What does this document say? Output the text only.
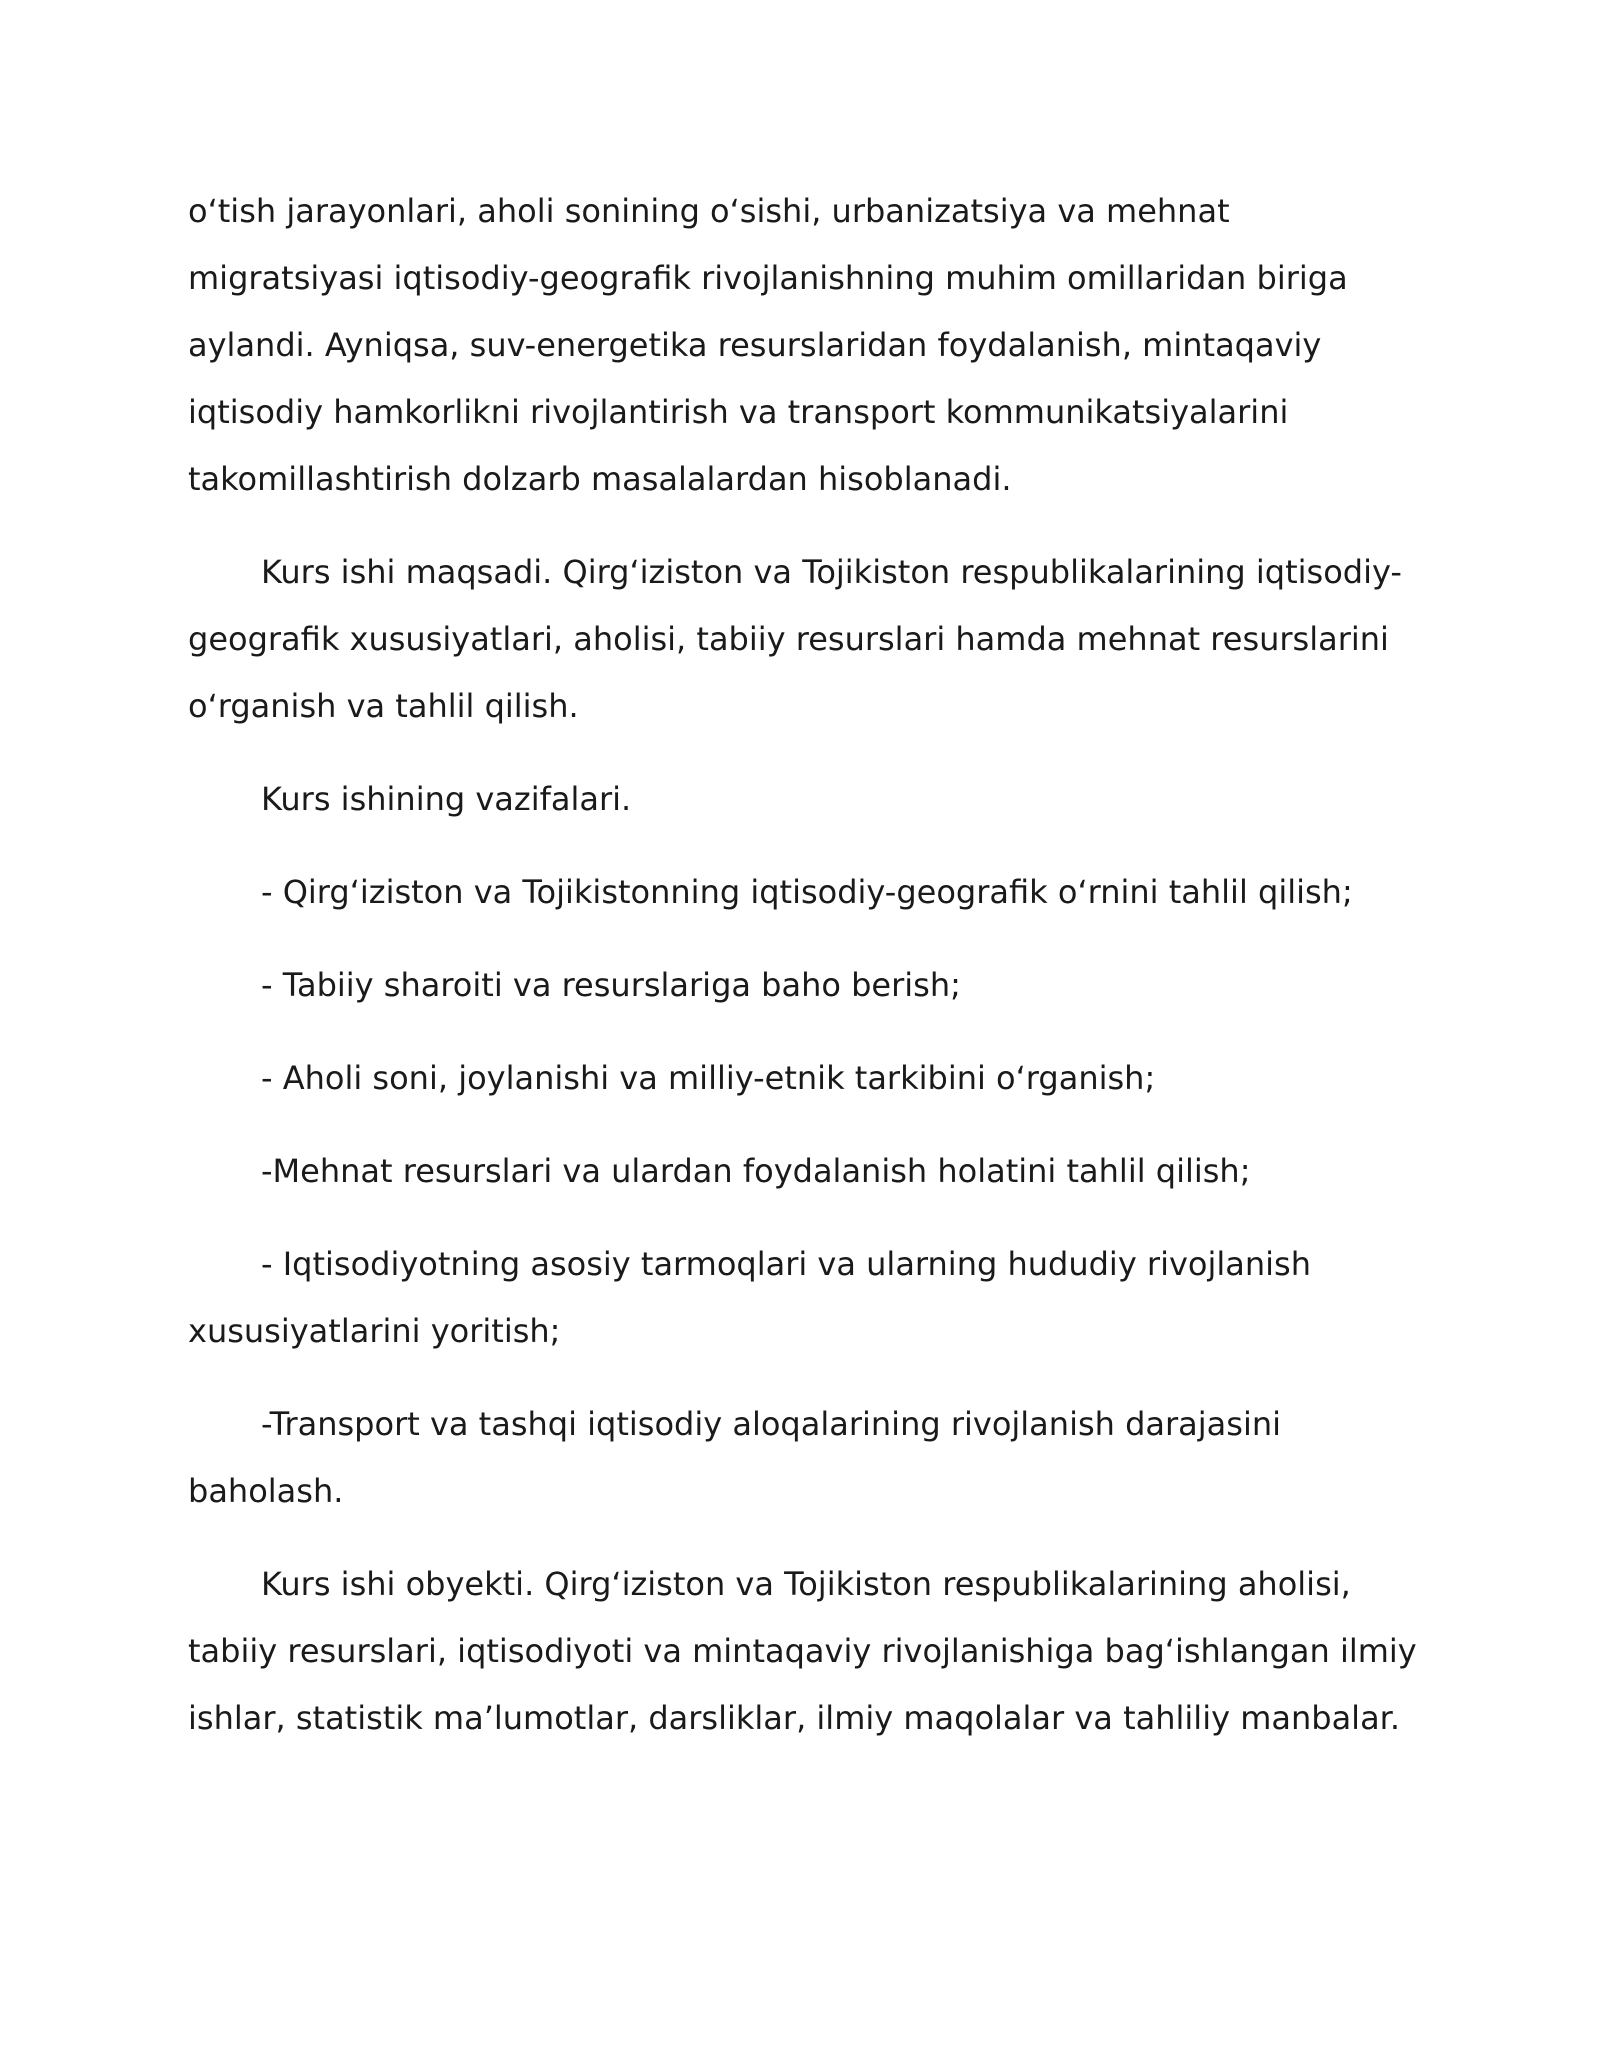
o‘tish jarayonlari, aholi sonining o‘sishi, urbanizatsiya va mehnat migratsiyasi iqtisodiy-geografik rivojlanishning muhim omillaridan biriga aylandi. Ayniqsa, suv-energetika resurslaridan foydalanish, mintaqaviy iqtisodiy hamkorlikni rivojlantirish va transport kommunikatsiyalarini takomillashtirish dolzarb masalalardan hisoblanadi.

Kurs ishi maqsadi. Qirg‘iziston va Tojikiston respublikalarining iqtisodiy-geografik xususiyatlari, aholisi, tabiiy resurslari hamda mehnat resurslarini o‘rganish va tahlil qilish.

Kurs ishining vazifalari.

- Qirg‘iziston va Tojikistonning iqtisodiy-geografik o‘rnini tahlil qilish;

- Tabiiy sharoiti va resurslariga baho berish;

- Aholi soni, joylanishi va milliy-etnik tarkibini o‘rganish;

-Mehnat resurslari va ulardan foydalanish holatini tahlil qilish;

- Iqtisodiyotning asosiy tarmoqlari va ularning hududiy rivojlanish xususiyatlarini yoritish;

-Transport va tashqi iqtisodiy aloqalarining rivojlanish darajasini baholash.

Kurs ishi obyekti. Qirg‘iziston va Tojikiston respublikalarining aholisi, tabiiy resurslari, iqtisodiyoti va mintaqaviy rivojlanishiga bag‘ishlangan ilmiy ishlar, statistik ma’lumotlar, darsliklar, ilmiy maqolalar va tahliliy manbalar.
